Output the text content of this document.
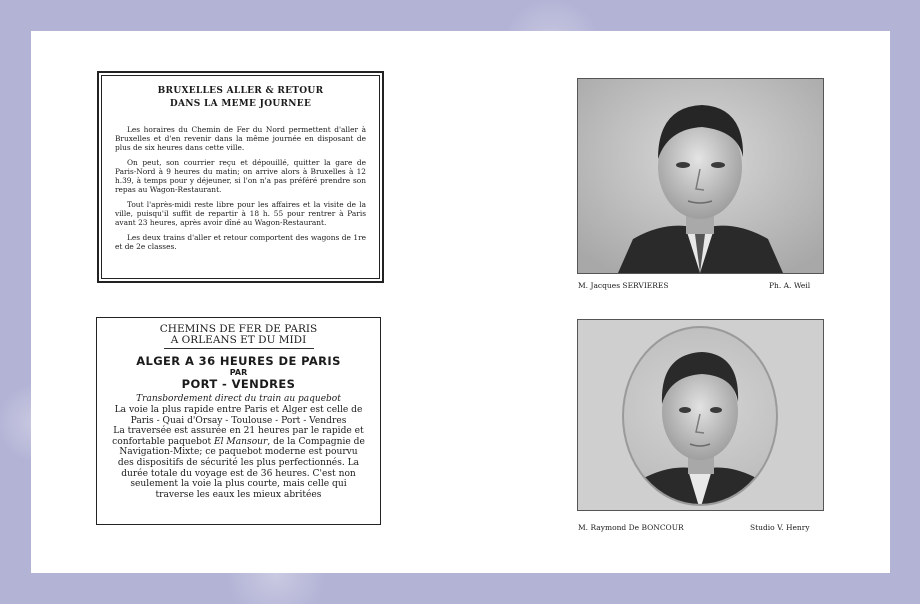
BRUXELLES ALLER & RETOUR
DANS LA MEME JOURNEE

Les horaires du Chemin de Fer du Nord permettent d'aller à Bruxelles et d'en revenir dans la même journée en disposant de plus de six heures dans cette ville.

On peut, son courrier reçu et dépouillé, quitter la gare de Paris-Nord à 9 heures du matin; on arrive alors à Bruxelles à 12 h.39, à temps pour y déjeuner, si l'on n'a pas préféré prendre son repas au Wagon-Restaurant.

Tout l'après-midi reste libre pour les affaires et la visite de la ville, puisqu'il suffit de repartir à 18 h. 55 pour rentrer à Paris avant 23 heures, après avoir dîné au Wagon-Restaurant.

Les deux trains d'aller et retour comportent des wagons de 1re et de 2e classes.

CHEMINS DE FER DE PARIS
A ORLEANS ET DU MIDI
ALGER A 36 HEURES DE PARIS
PAR
PORT - VENDRES
Transbordement direct du train au paquebot
La voie la plus rapide entre Paris et Alger est celle de Paris - Quai d'Orsay - Toulouse - Port - Vendres
La traversée est assurée en 21 heures par le rapide et confortable paquebot El Mansour, de la Compagnie de Navigation-Mixte; ce paquebot moderne est pourvu des dispositifs de sécurité les plus perfectionnés. La durée totale du voyage est de 36 heures. C'est non seulement la voie la plus courte, mais celle qui traverse les eaux les mieux abritées
M. Jacques SERVIERES	Ph. A. Weil
M. Raymond De BONCOUR	Studio V. Henry
